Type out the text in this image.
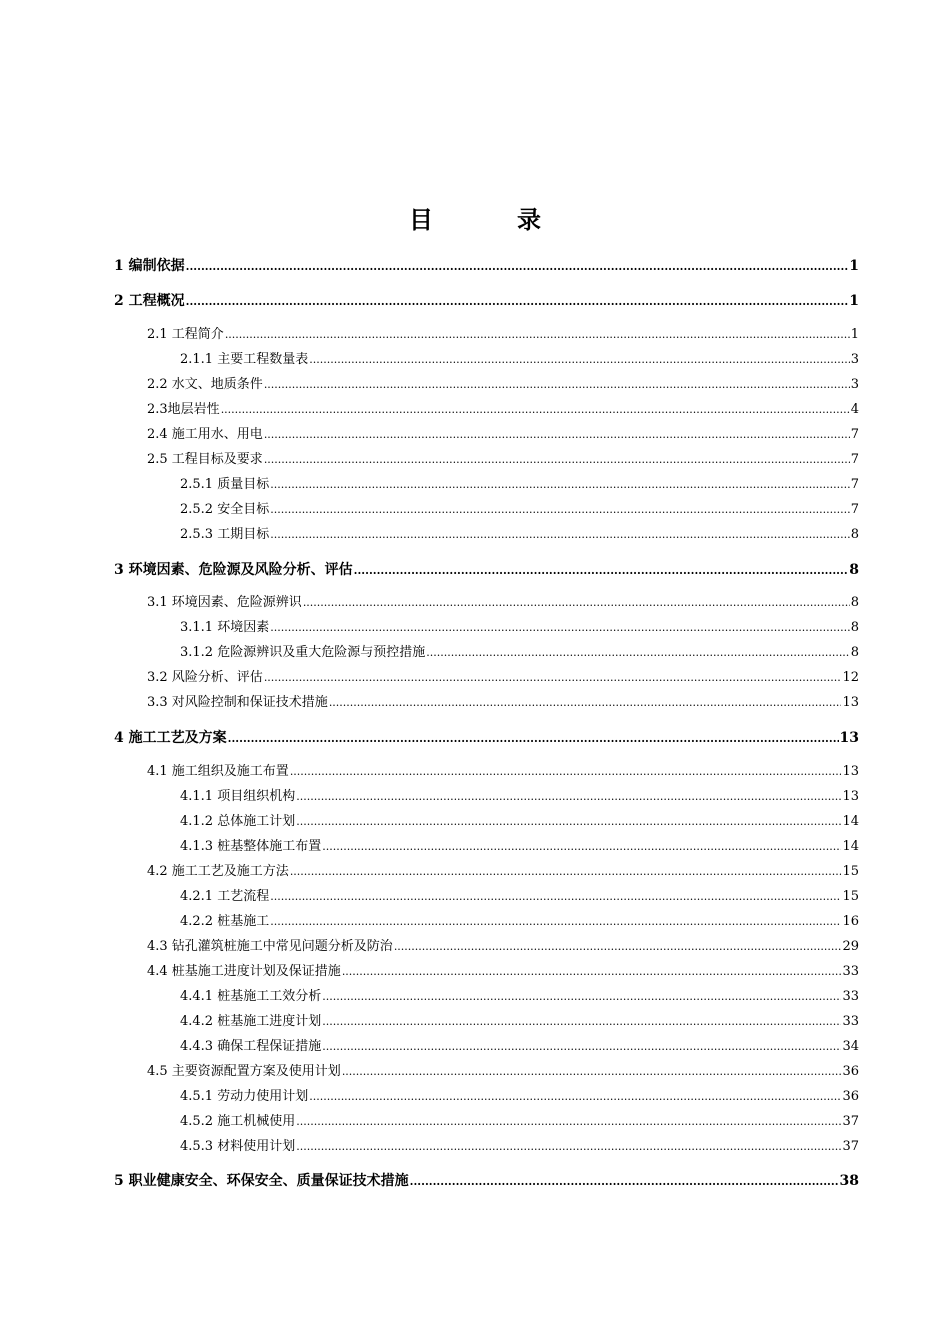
目　录
1 编制依据 .....	1
2 工程概况 .....	1
2.1 工程简介 .....	1
2.1.1 主要工程数量表 .....	3
2.2 水文、地质条件 .....	3
2.3地层岩性 .....	4
2.4 施工用水、用电 .....	7
2.5 工程目标及要求 .....	7
2.5.1 质量目标 .....	7
2.5.2 安全目标 .....	7
2.5.3 工期目标 .....	8
3 环境因素、危险源及风险分析、评估 .....	8
3.1 环境因素、危险源辨识 .....	8
3.1.1 环境因素 .....	8
3.1.2 危险源辨识及重大危险源与预控措施 .....	8
3.2 风险分析、评估 .....	12
3.3 对风险控制和保证技术措施 .....	13
4 施工工艺及方案 .....	13
4.1 施工组织及施工布置 .....	13
4.1.1 项目组织机构 .....	13
4.1.2 总体施工计划 .....	14
4.1.3 桩基整体施工布置 .....	14
4.2 施工工艺及施工方法 .....	15
4.2.1 工艺流程 .....	15
4.2.2 桩基施工 .....	16
4.3 钻孔灌筑桩施工中常见问题分析及防治 .....	29
4.4 桩基施工进度计划及保证措施 .....	33
4.4.1 桩基施工工效分析 .....	33
4.4.2 桩基施工进度计划 .....	33
4.4.3 确保工程保证措施 .....	34
4.5 主要资源配置方案及使用计划 .....	36
4.5.1 劳动力使用计划 .....	36
4.5.2 施工机械使用 .....	37
4.5.3 材料使用计划 .....	37
5 职业健康安全、环保安全、质量保证技术措施 .....	38
